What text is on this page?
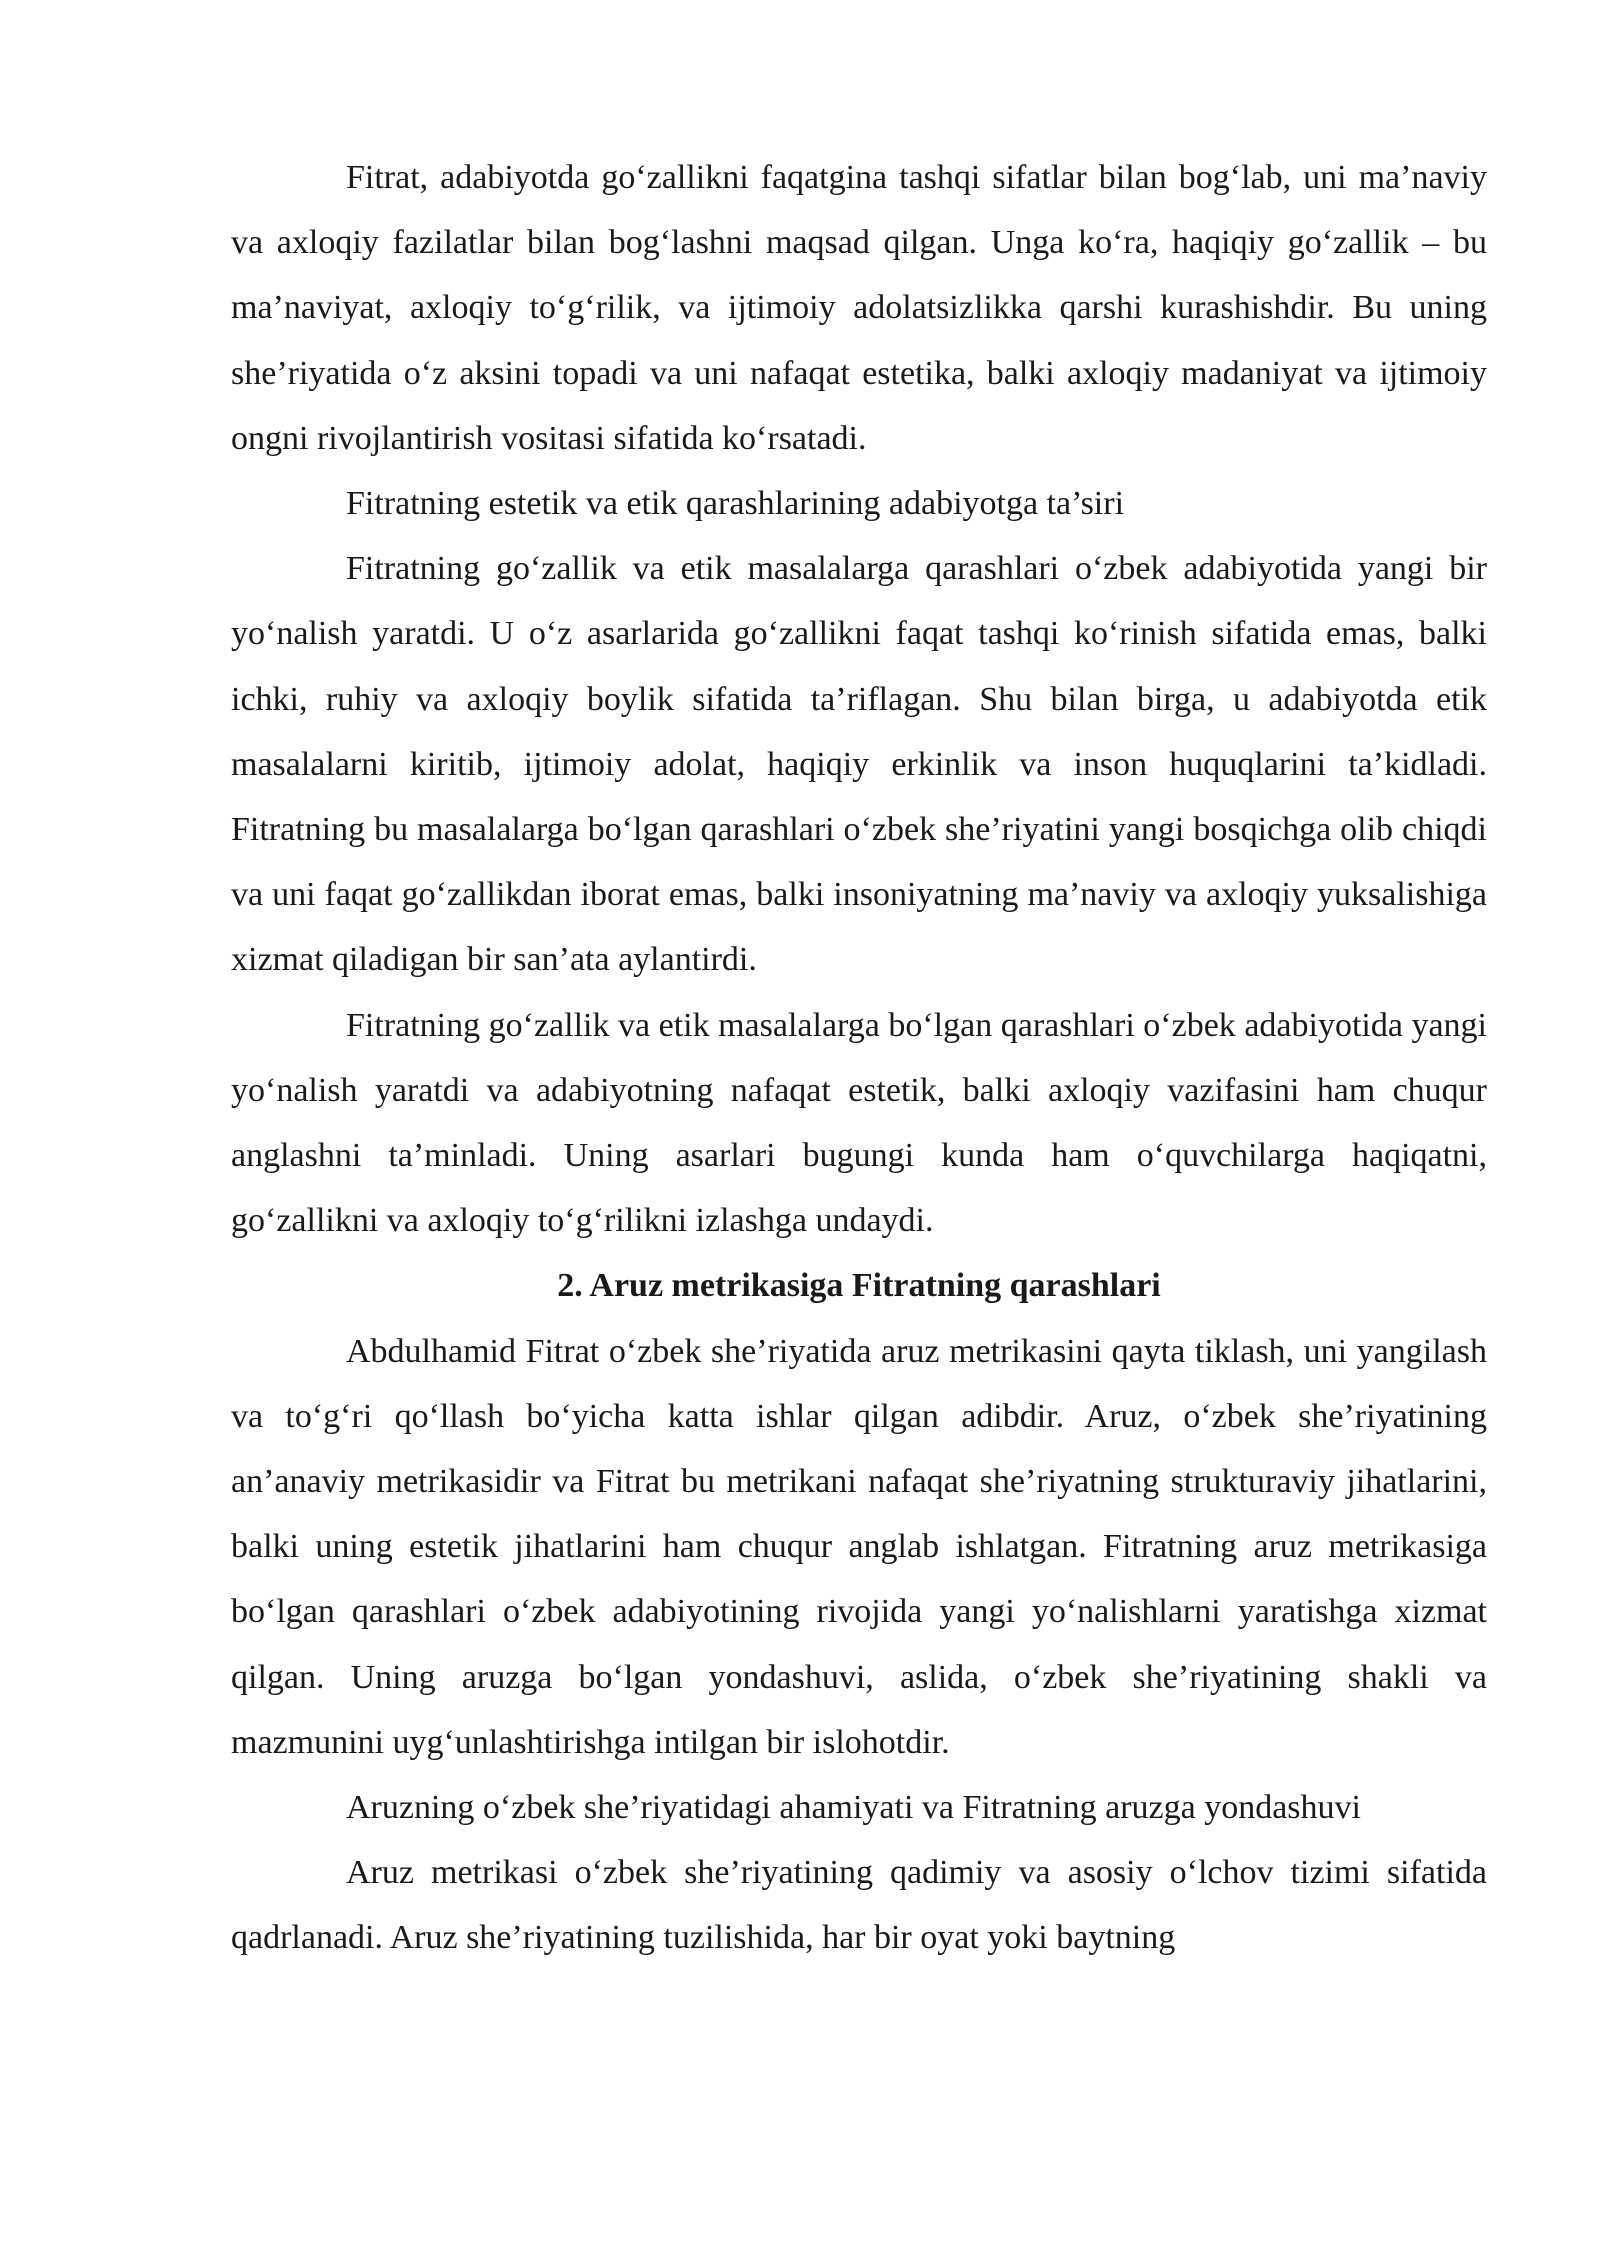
Fitrat, adabiyotda go‘zallikni faqatgina tashqi sifatlar bilan bog‘lab, uni ma’naviy va axloqiy fazilatlar bilan bog‘lashni maqsad qilgan. Unga ko‘ra, haqiqiy go‘zallik – bu ma’naviyat, axloqiy to‘g‘rilik, va ijtimoiy adolatsizlikka qarshi kurashishdir. Bu uning she’riyatida o‘z aksini topadi va uni nafaqat estetika, balki axloqiy madaniyat va ijtimoiy ongni rivojlantirish vositasi sifatida ko‘rsatadi.

Fitratning estetik va etik qarashlarining adabiyotga ta’siri

Fitratning go‘zallik va etik masalalarga qarashlari o‘zbek adabiyotida yangi bir yo‘nalish yaratdi. U o‘z asarlarida go‘zallikni faqat tashqi ko‘rinish sifatida emas, balki ichki, ruhiy va axloqiy boylik sifatida ta’riflagan. Shu bilan birga, u adabiyotda etik masalalarni kiritib, ijtimoiy adolat, haqiqiy erkinlik va inson huquqlarini ta’kidladi. Fitratning bu masalalarga bo‘lgan qarashlari o‘zbek she’riyatini yangi bosqichga olib chiqdi va uni faqat go‘zallikdan iborat emas, balki insoniyatning ma’naviy va axloqiy yuksalishiga xizmat qiladigan bir san’ata aylantirdi.

Fitratning go‘zallik va etik masalalarga bo‘lgan qarashlari o‘zbek adabiyotida yangi yo‘nalish yaratdi va adabiyotning nafaqat estetik, balki axloqiy vazifasini ham chuqur anglashni ta’minladi. Uning asarlari bugungi kunda ham o‘quvchilarga haqiqatni, go‘zallikni va axloqiy to‘g‘rilikni izlashga undaydi.

2. Aruz metrikasiga Fitratning qarashlari

Abdulhamid Fitrat o‘zbek she’riyatida aruz metrikasini qayta tiklash, uni yangilash va to‘g‘ri qo‘llash bo‘yicha katta ishlar qilgan adibdir. Aruz, o‘zbek she’riyatining an’anaviy metrikasidir va Fitrat bu metrikani nafaqat she’riyatning strukturaviy jihatlarini, balki uning estetik jihatlarini ham chuqur anglab ishlatgan. Fitratning aruz metrikasiga bo‘lgan qarashlari o‘zbek adabiyotining rivojida yangi yo‘nalishlarni yaratishga xizmat qilgan. Uning aruzga bo‘lgan yondashuvi, aslida, o‘zbek she’riyatining shakli va mazmunini uyg‘unlashtirishga intilgan bir islohotdir.

Aruzning o‘zbek she’riyatidagi ahamiyati va Fitratning aruzga yondashuvi

Aruz metrikasi o‘zbek she’riyatining qadimiy va asosiy o‘lchov tizimi sifatida qadrlanadi. Aruz she’riyatining tuzilishida, har bir oyat yoki baytning
